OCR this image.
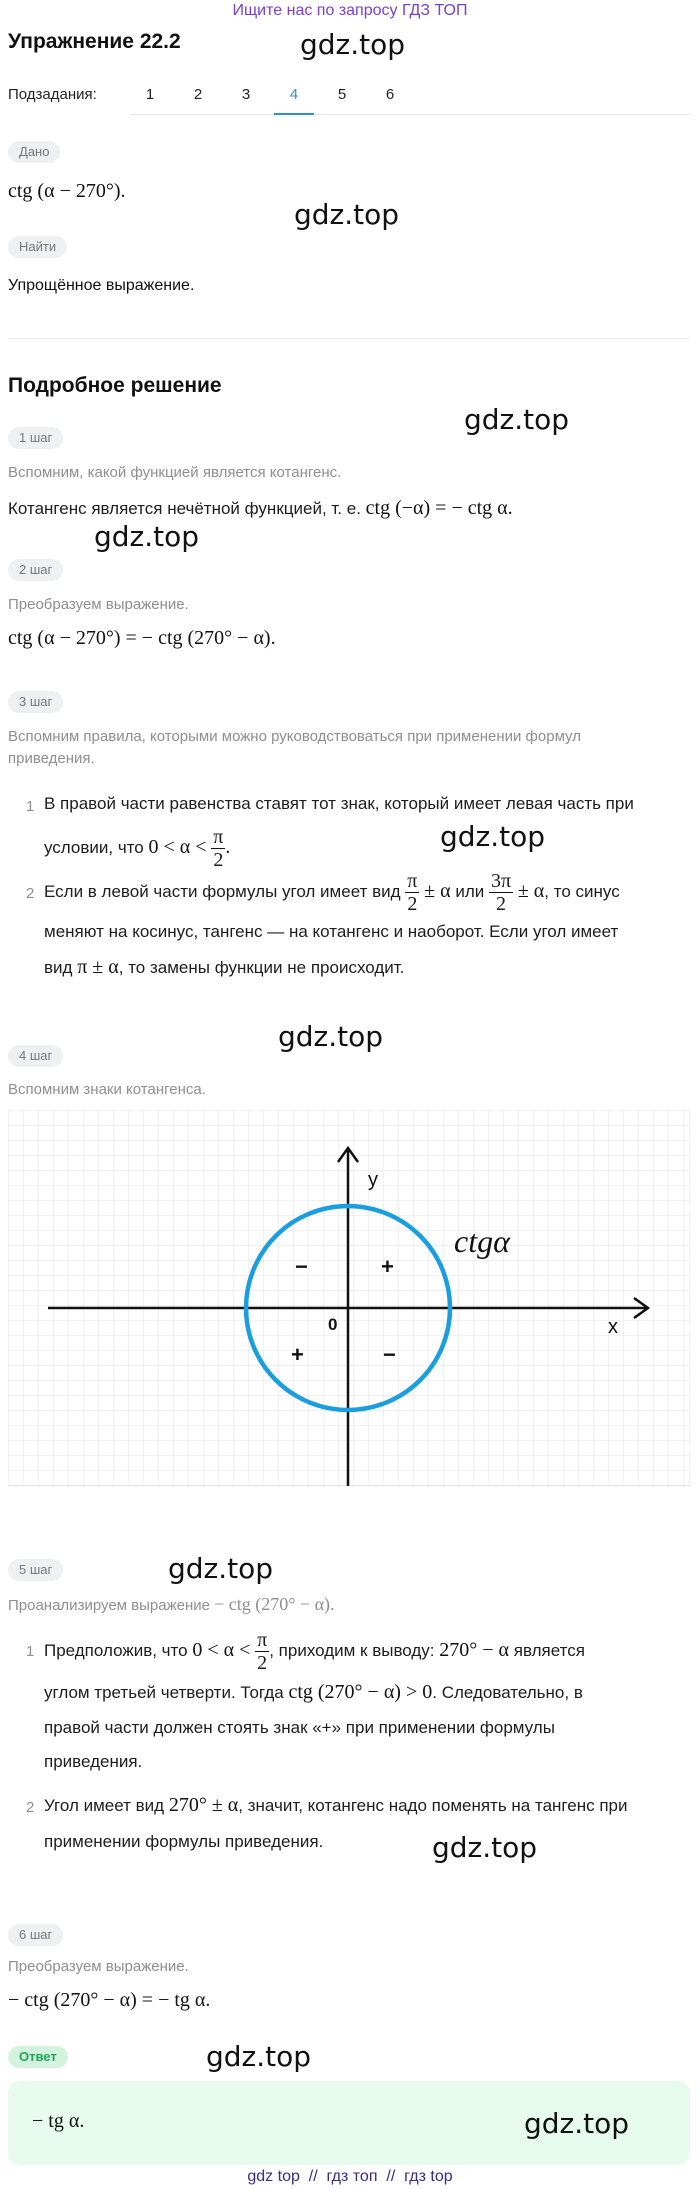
Ищите нас по запросу ГДЗ ТОП
Упражнение 22.2
Подзадания:	1	2	3	4	5	6
Дано
ctg (α − 270°).
Найти
Упрощённое выражение.
Подробное решение
1 шаг
Вспомним, какой функцией является котангенс.
Котангенс является нечётной функцией, т. е. ctg (−α) = − ctg α.
2 шаг
Преобразуем выражение.
ctg (α − 270°) = − ctg (270° − α).
3 шаг
Вспомним правила, которыми можно руководствоваться при применении формул
приведения.
1 В правой части равенства ставят тот знак, который имеет левая часть при
условии, что $0 < \alpha < \frac{\pi}{2}$ .
2 Если в левой части формулы угол имеет вид $\frac{\pi}{2} \pm \alpha$ или $\frac{3\pi}{2} \pm \alpha$, то синус
меняют на косинус, тангенс — на котангенс и наоборот. Если угол имеет
вид π ± α, то замены функции не происходит.
4 шаг
Вспомним знаки котангенса.
y
x
0
ctgα
+
−
+	−
5 шаг
Проанализируем выражение − ctg (270° − α).
1 Предположив, что $0 < \alpha < \frac{\pi}{2}$ , приходим к выводу: 270° − α является
углом третьей четверти. Тогда ctg (270° − α) > 0. Следовательно, в
правой части должен стоять знак «+» при применении формулы
приведения.
2 Угол имеет вид 270° ± α, значит, котангенс надо поменять на тангенс при
применении формулы приведения.
6 шаг
Преобразуем выражение.
− ctg (270° − α) = − tg α.
Ответ
− tg α.
gdz top  //  гдз топ  //  гдз top
gdz.top
gdz.top
gdz.top
gdz.top
gdz.top
gdz.top
gdz.top
gdz.top
gdz.top
gdz.top
